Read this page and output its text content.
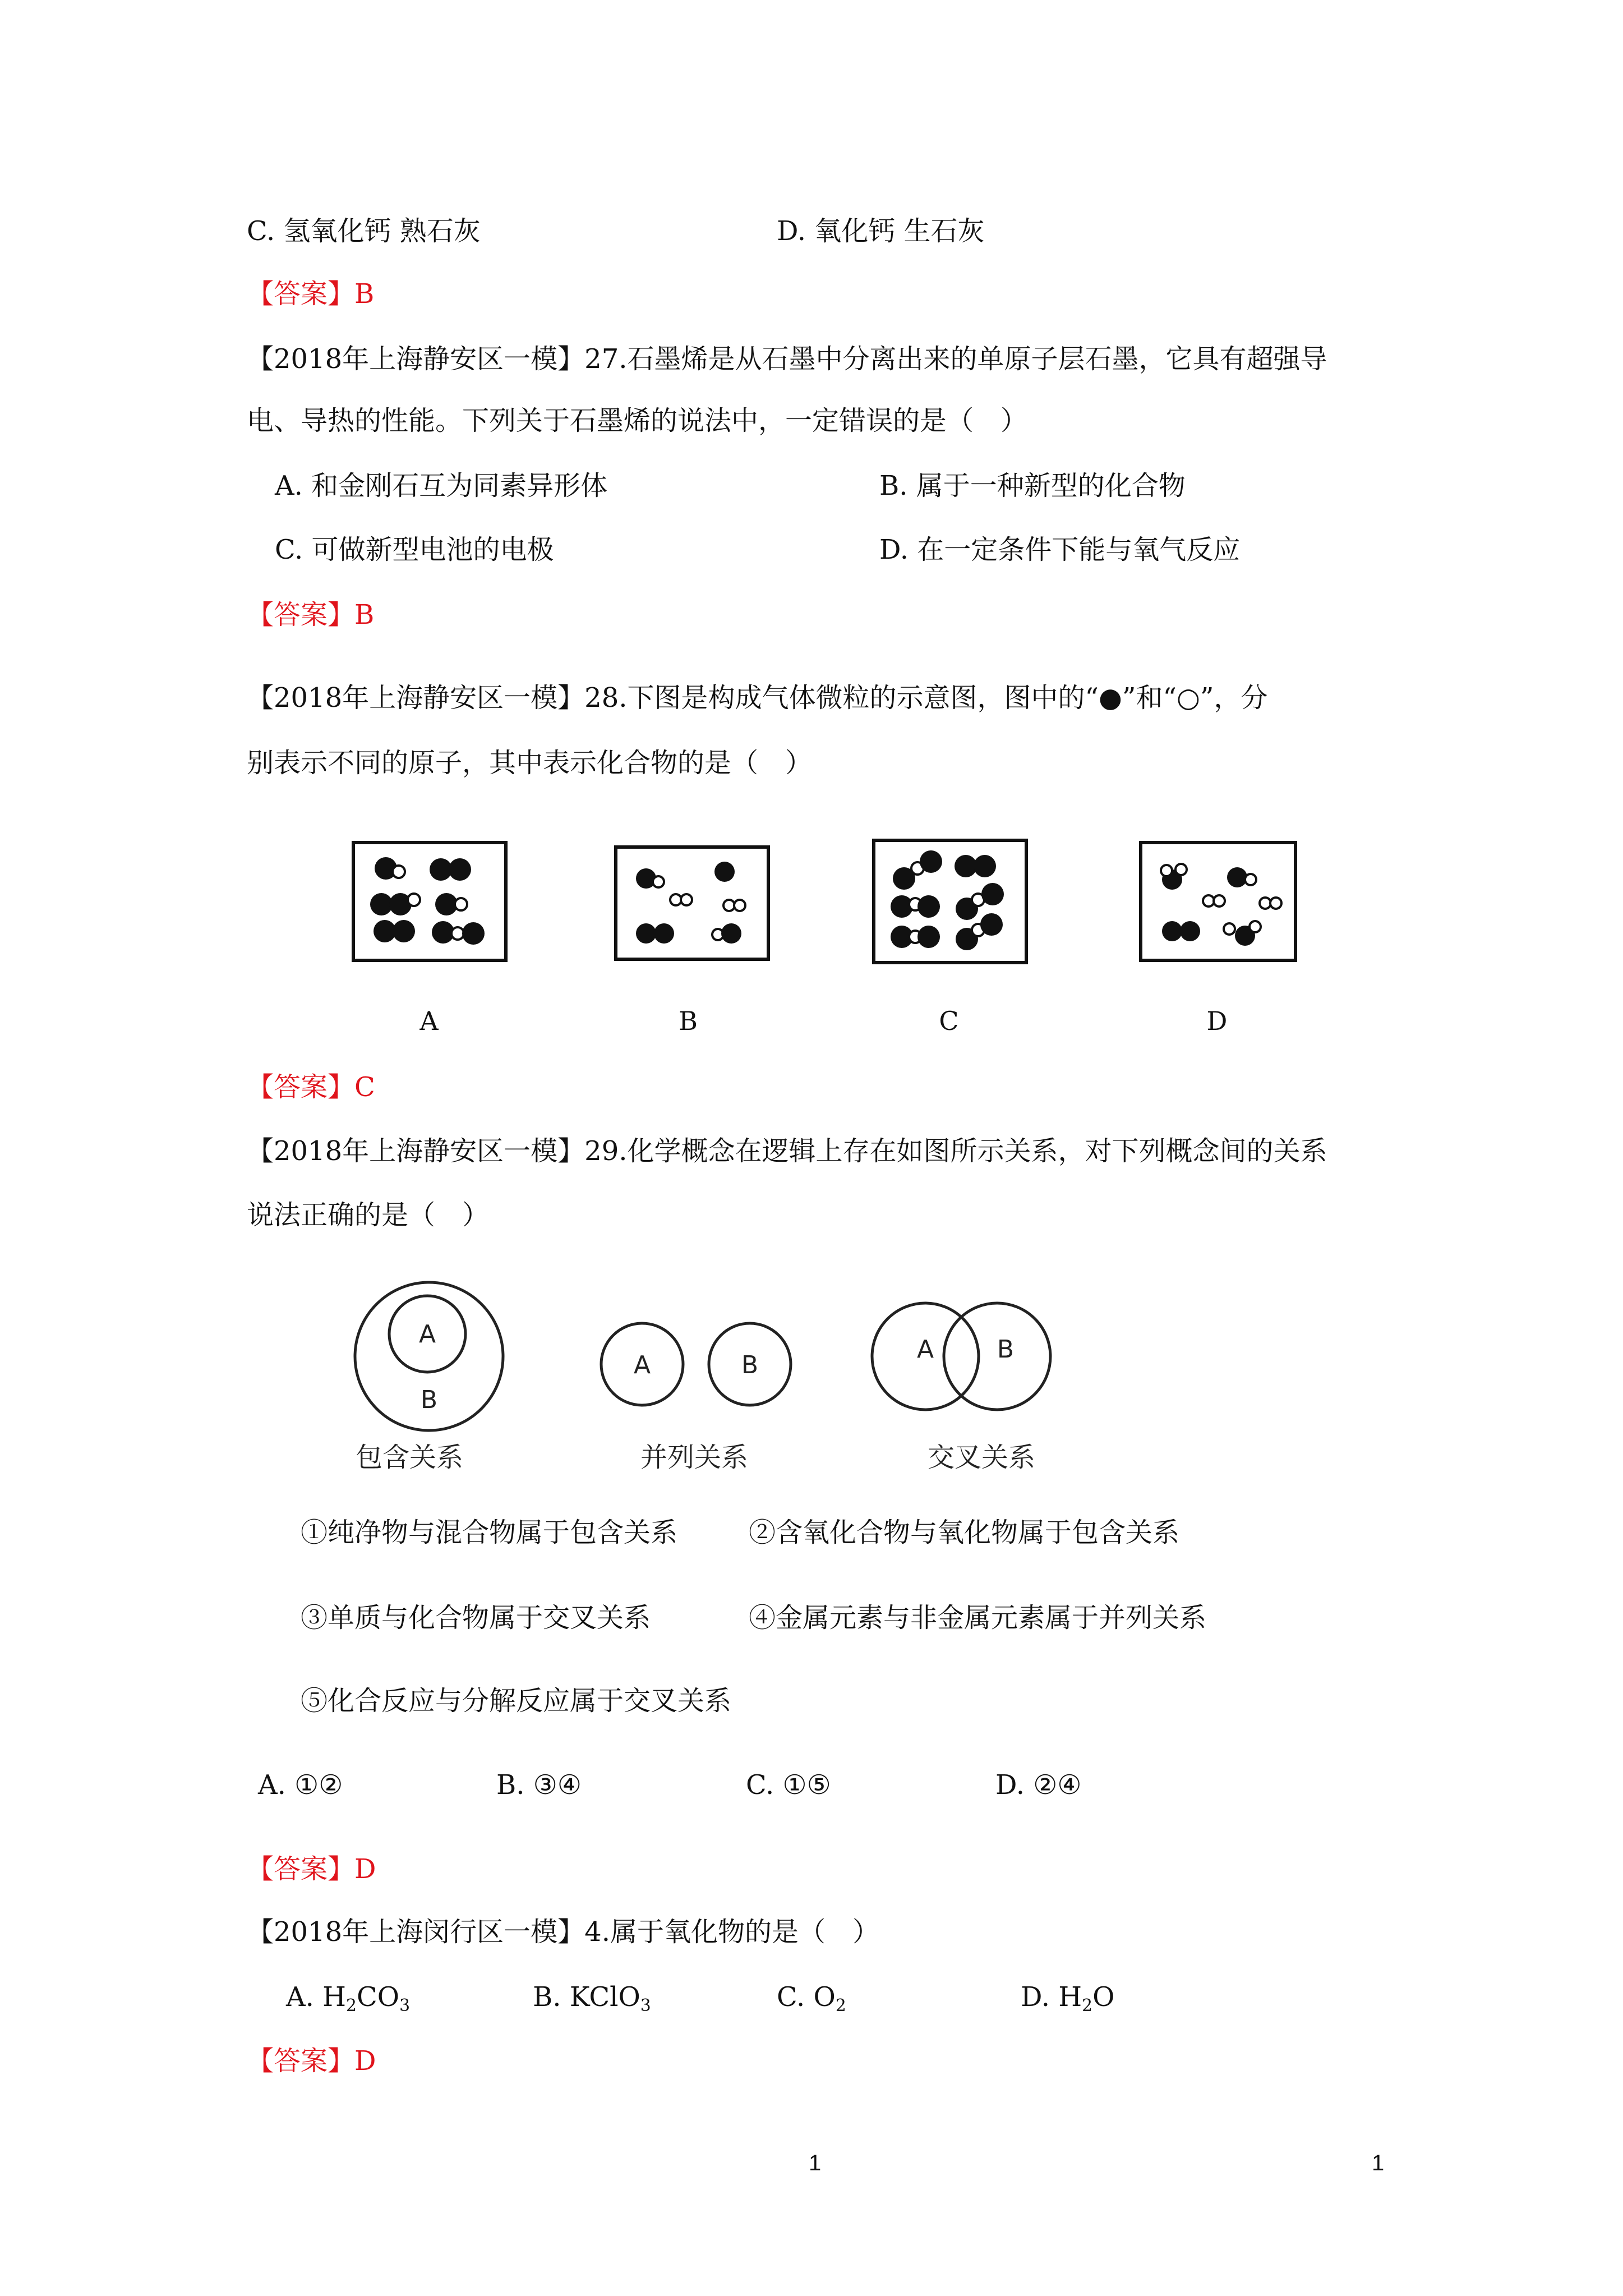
C. 氢氧化钙 熟石灰	D. 氧化钙 生石灰
【答案】B
【2018年上海静安区一模】27.石墨烯是从石墨中分离出来的单原子层石墨，它具有超强导
电、导热的性能。下列关于石墨烯的说法中，一定错误的是（　）
A. 和金刚石互为同素异形体	B. 属于一种新型的化合物
C. 可做新型电池的电极	D. 在一定条件下能与氧气反应
【答案】B
【2018年上海静安区一模】28.下图是构成气体微粒的示意图，图中的“●”和“○”，分
别表示不同的原子，其中表示化合物的是（　）
A	B	C	D
【答案】C
【2018年上海静安区一模】29.化学概念在逻辑上存在如图所示关系，对下列概念间的关系
说法正确的是（　）
A
B
包含关系
A	B
并列关系
A	B
交叉关系
①纯净物与混合物属于包含关系	②含氧化合物与氧化物属于包含关系
③单质与化合物属于交叉关系	④金属元素与非金属元素属于并列关系
⑤化合反应与分解反应属于交叉关系
A. ①②	B. ③④	C. ①⑤	D. ②④
【答案】D
【2018年上海闵行区一模】4.属于氧化物的是（　）
A. $H_2CO_3$	B. KClO$_3$	C. $O_2$	D. $H_2O$
【答案】D
1	1
